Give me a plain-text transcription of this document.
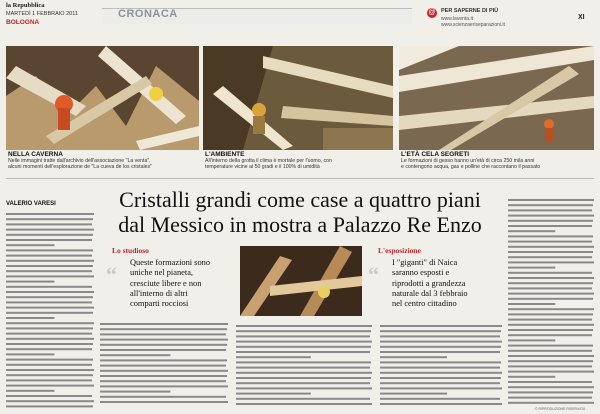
la Repubblica
MARTEDÌ 1 FEBBRAIO 2011
BOLOGNA
CRONACA	@ PER SAPERNE DI PIÙ
www.laventa.it
www.scienzaeriseparazioni.it
XI
NELLA CAVERNA
Nelle immagini tratte dall'archivio dell'associazione "La venta",
alcuni momenti dell'esplorazione de "La cueva de los cristales"
L'AMBIENTE
All'interno della grotta il clima è mortale per l'uomo, con
temperature vicine ai 50 gradi e il 100% di umidità
L'ETÀ CELA SEGRETI
Le formazioni di gesso hanno un'età di circa 250 mila anni
e contengono acqua, gas e polline che raccontano il passato
VALERIO VARESI	Cristalli grandi come case a quattro piani
dal Messico in mostra a Palazzo Re Enzo
Lo studioso
“ Queste formazioni sono
uniche nel pianeta,
cresciute libere e non
all'interno di altri
comparti rocciosi
L'esposizione
“ I "giganti" di Naica
saranno esposti e
riprodotti a grandezza
naturale dal 3 febbraio
nel centro cittadino
© RIPRODUZIONE RISERVATA
